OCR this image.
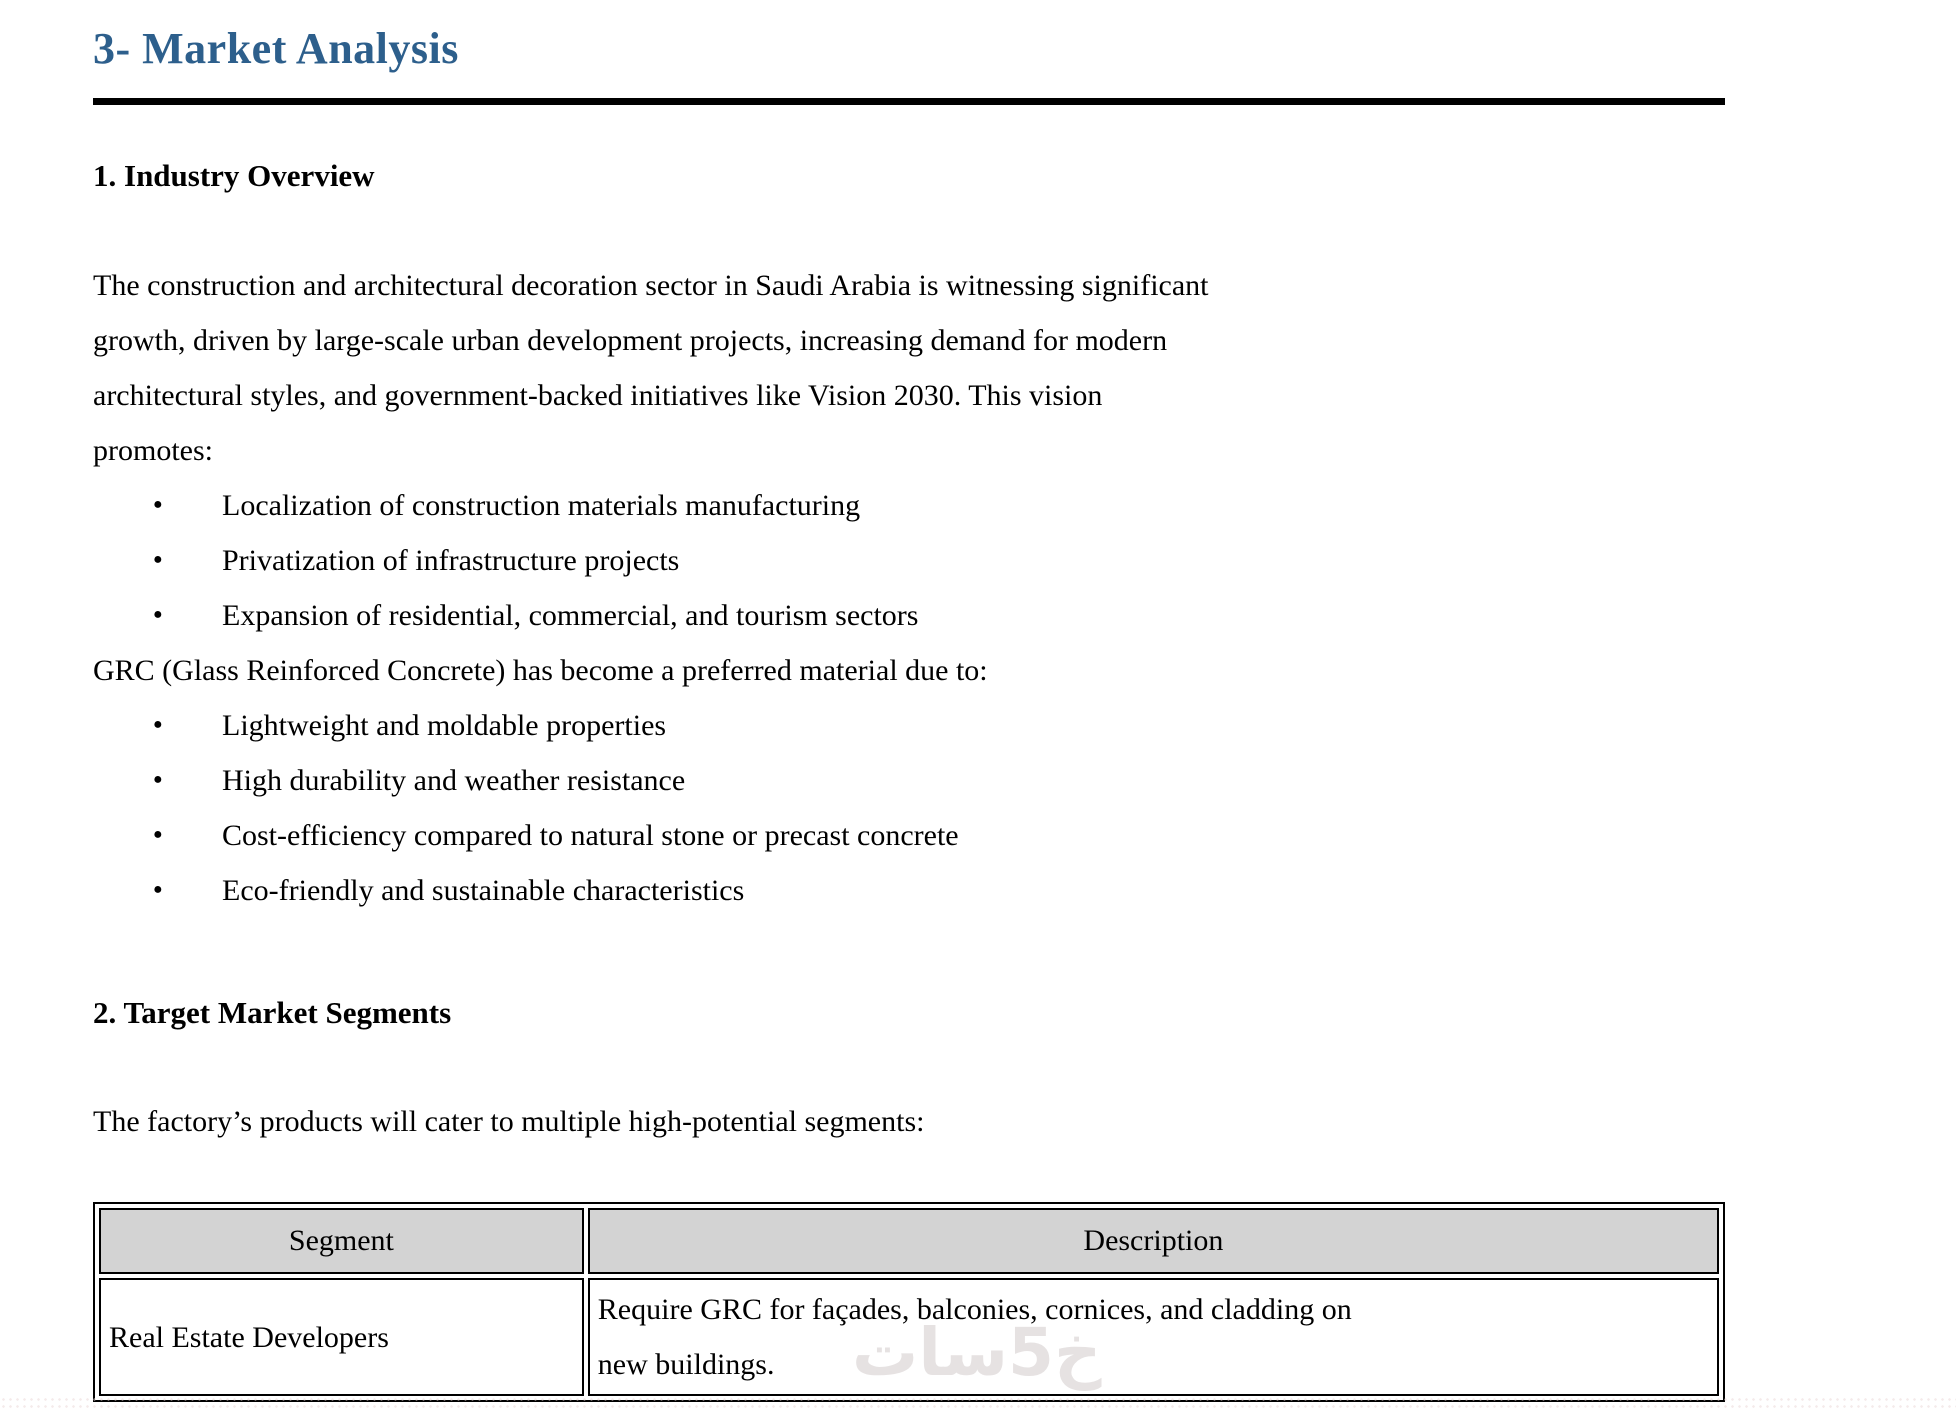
خ5سات
3- Market Analysis
1. Industry Overview

The construction and architectural decoration sector in Saudi Arabia is witnessing significant
growth, driven by large-scale urban development projects, increasing demand for modern
architectural styles, and government-backed initiatives like Vision 2030. This vision
promotes:

● Localization of construction materials manufacturing
● Privatization of infrastructure projects
● Expansion of residential, commercial, and tourism sectors

GRC (Glass Reinforced Concrete) has become a preferred material due to:

● Lightweight and moldable properties
● High durability and weather resistance
● Cost-efficiency compared to natural stone or precast concrete
● Eco-friendly and sustainable characteristics
2. Target Market Segments

The factory’s products will cater to multiple high-potential segments:

Segment	Description
Real Estate Developers	Require GRC for façades, balconies, cornices, and cladding on
new buildings.
